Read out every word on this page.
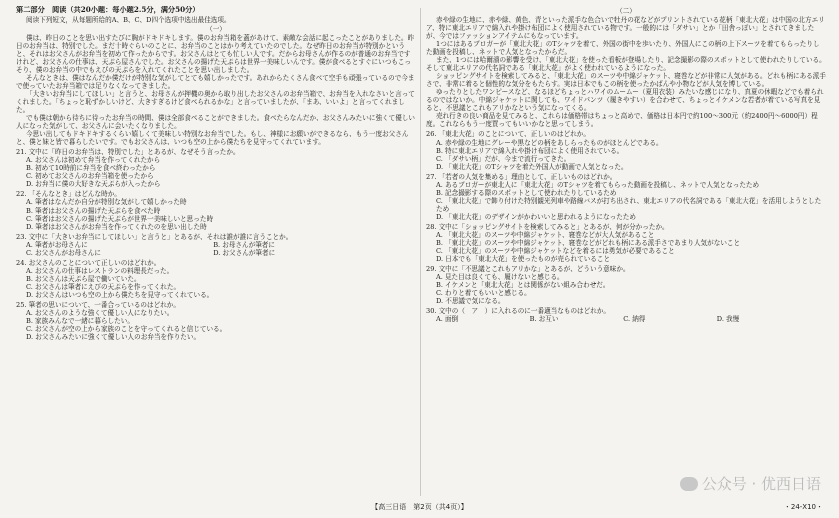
第二部分　阅读（共20小题：每小题2.5分，满分50分）
阅读下列短文，从每题所给的A、B、C、D四个选项中选出最佳选项。
（一）

僕は、昨日のことを思い出すたびに胸がドキドキします。僕のお弁当箱を蓋があけて、素敵な会話に起こったことがありました。昨日のお弁当は、特別でした。まだ十時ぐらいのことに、お弁当のことはかり考えていたのでした。なぜ昨日のお弁当が特別かというと、それはお父さんがお弁当を初めて作ったからです。お父さんはとても忙しい人です。だからお母さんが作るのが普通のお弁当ですけれど、お父さんの仕事は、天ぷら屋さんでした。お父さんの揚げた天ぷらは世界一美味しいんです。僕が食べるとすぐにいつもこっそり、僕のお弁当の中でもえびの天ぷらを入れてくれたことを思い出しました。

そんなときは、僕はなんだか僕だけが特別な気がしてとても嬉しかったです。あれからたくさん食べて空手も頑張っているので今まで使っていたお弁当箱では足りなくなってきました。

「大きいお弁当にしてほしい」と言うと、お母さんが押機の奥から取り出したお父さんのお弁当箱で、お弁当を入れなさいと言ってくれました。「ちょっと恥ずかしいけど、大きすぎるけど食べられるかな」と言っていましたが、「まあ、いいよ」と言ってくれました。

でも僕は朝から待ちに待ったお弁当の時間、僕は全部食べることができました。食べたらなんだか、お父さんみたいに強くて優しい人になった気がして、お父さんに会いたくなりました。

今思い出してもドキドキするくらい嬉しくて美味しい特別なお弁当でした。もし、神様にお願いができるなら、もう一度お父さんと、僕と妹と皆で暮らしたいです。でもお父さんは、いつも空の上から僕たちを見守ってくれています。

21. 文中に「昨日のお弁当は、特別でした」とあるが、なぜそう言ったか。

A. お父さんは初めて弁当を作ってくれたから
B. 初めて10時前に弁当を食べ終わったから
C. 初めてお父さんのお弁当箱を使ったから
D. お弁当に僕の大好きな天ぷらが入ったから

22. 「そんなとき」はどんな時か。

A. 筆者はなんだか自分が特別な気がして嬉しかった時
B. 筆者はお父さんの揚げた天ぷらを食べた時
C. 筆者はお父さんの揚げた天ぷらが世界一美味しいと思った時
D. 筆者はお父さんがお弁当を作ってくれたのを思い出した時

23. 文中に「大きいお弁当にしてほしい」と言うと」とあるが、それは誰が誰に言うことか。

A. 筆者がお母さんに	B. お母さんが筆者にC. お父さんがお母さんに	D. お父さんが筆者に

24. お父さんのことについて正しいのはどれか。

A. お父さんの仕事はレストランの料理長だった。
B. お父さんは天ぷら屋で働いていた。
C. お父さんは筆者にえびの天ぷらを作ってくれた。
D. お父さんはいつも空の上から僕たちを見守ってくれている。

25. 筆者の思いについて、一番合っているのはどれか。

A. お父さんのような強くて優しい人になりたい。
B. 家族みんなで一緒に暮らしたい。
C. お父さんが空の上から家族のことを守ってくれると信じている。
D. お父さんみたいに強くて優しい人のお弁当を作りたい。
（二）

赤や緑の生地に、赤や緑、黄色、青といった派手な色合いで牡丹の花などがプリントされている花柄「東北大花」は中国の北方エリア、特に東北エリアで綿入れや掛け布団によく使用されている物です。一般的には「ダサい」とか「田舎っぽい」とされてきましたが、今ではファッションアイテムにもなっています。

1つにはあるブロガーが「東北大花」のTシャツを着て、外国の街中を歩いたり、外国人にこの柄の上下スーツを着てもらったりした動画を投稿し、ネットで人気となったからだ。

また、1つには哈爾濱の影響を受け、「東北大花」を使った看板が登場したり、記念撮影の際のスポットとして使われたりしている。そして東北エリアの代名詞である「東北大花」がよく使われているようになった。

ショッピングサイトを検索してみると、「東北大花」のスーツや中綿ジャケット、寝巻などが非常に人気がある。どれも柄にある派手さで、非常に着ると個性的な気分をもたらす。実は日本でもこの柄を使ったかばんや小物などが人気を博している。

ゆったりとしたワンピースなど、なるほどちょっとハワイのムームー（夏用衣装）みたいな感じになり、真夏の休暇などでも着られるのではないか。中綿ジャケットに関しても、ワイドパンツ（履きやすい）を合わせて、ちょっとイケメンな若者が着ている写真を見ると、不思議とこれもアリかなという気になってくる。

売れ行きの良い商品を見てみると、これらは価格帯はちょっと高めで、価格は日本円で約100〜300元（約2400円〜6000円）程度。これならもう一度買ってもいいかなと思ってしまう。

26. 「東北大花」のことについて、正しいのはどれか。

A. 赤や緑の生地にグレーや黒などの柄をあしらったものがほとんどである。
B. 特に東北エリアで綿入れや掛け布団によく使用されている。
C. 「ダサい柄」だが、今まで流行ってきた。
D. 「東北大花」のTシャツを着た外国人が動画で人気となった。

27. 「若者の人気を集める」理由として、正しいものはどれか。

A. あるブロガーが東北人に「東北大花」のTシャツを着てもらった動画を投稿し、ネットで人気となったため
B. 記念撮影する際のスポットとして使われたりしているため
C. 「東北大花」で飾り付けた特別観光列車や路線バスが打ち出され、東北エリアの代名詞である「東北大花」を活用しようとしたため
D. 「東北大花」のデザインがかわいいと思われるようになったため

28. 文中に「ショッピングサイトを検索してみると」とあるが、何が分かったか。

A. 「東北大花」のスーツや中綿ジャケット、寝巻などが大人気があること
B. 「東北大花」のスーツや中綿ジャケット、寝巻などがどれも柄にある派手さであまり人気がないこと
C. 「東北大花」のスーツや中綿ジャケットなどを着るには勇気が必要であること
D. 日本でも「東北大花」を使ったものが売られていること

29. 文中に「不思議とこれもアリかな」とあるが、どういう意味か。

A. 見た目は良くても、履けないと感じる。
B. イケメンと「東北大花」とは関係がない組み合わせだ。
C. わりと着てもいいと感じる。
D. 不思議で気になる。

30. 文中の（　ア　）に入れるのに一番適当なものはどれか。

A. 面倒	B. お互い	C. 納得	D. 我慢
公众号 · 优西日语
【高三日语　第2页（共4页）】	・24-X10・
